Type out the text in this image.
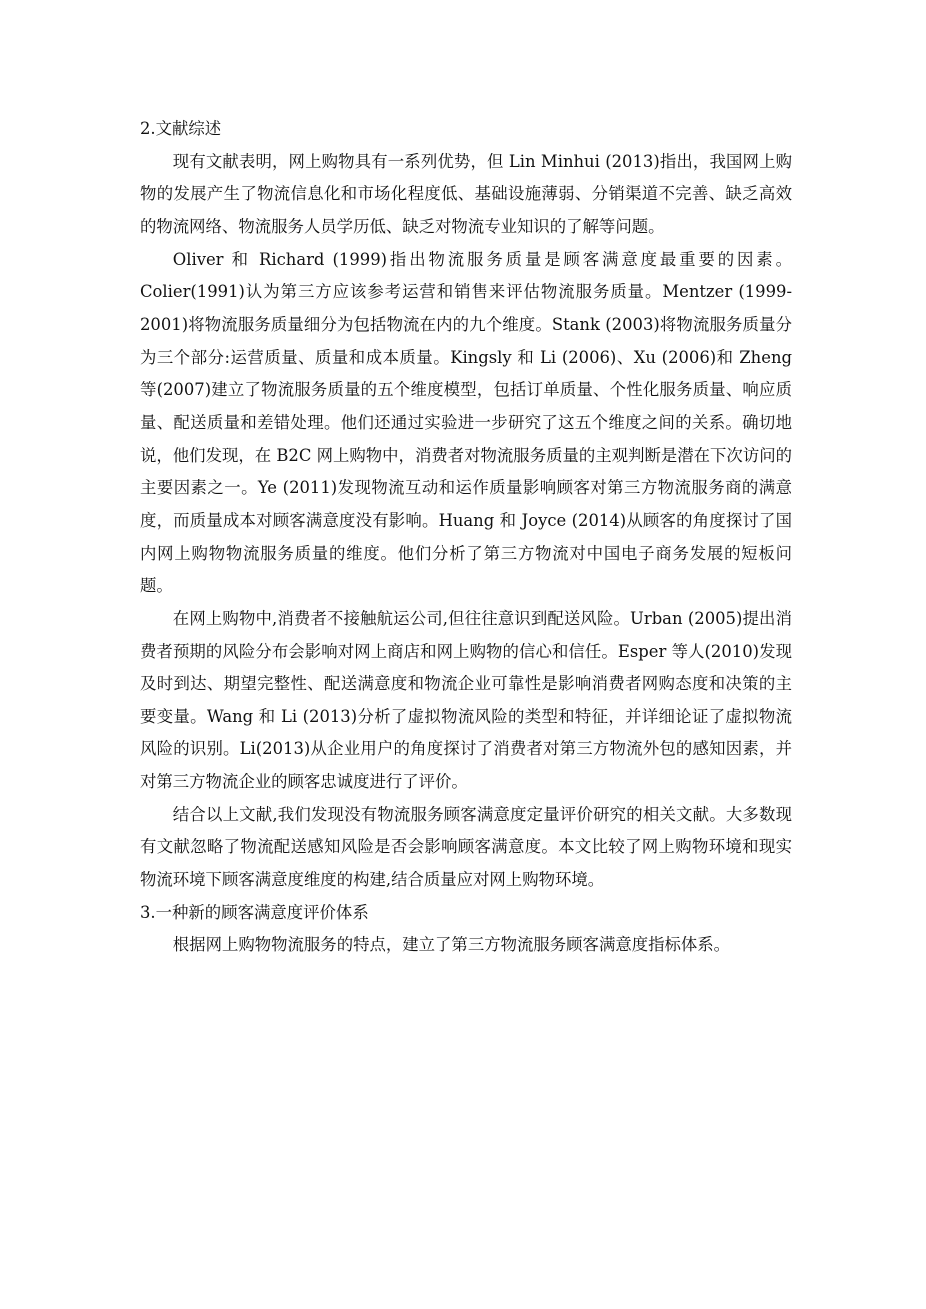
2.文献综述

现有文献表明，网上购物具有一系列优势，但 Lin Minhui (2013)指出，我国网上购物的发展产生了物流信息化和市场化程度低、基础设施薄弱、分销渠道不完善、缺乏高效的物流网络、物流服务人员学历低、缺乏对物流专业知识的了解等问题。

Oliver 和 Richard (1999)指出物流服务质量是顾客满意度最重要的因素。Colier(1991)认为第三方应该参考运营和销售来评估物流服务质量。Mentzer (1999-2001)将物流服务质量细分为包括物流在内的九个维度。Stank (2003)将物流服务质量分为三个部分:运营质量、质量和成本质量。Kingsly 和 Li (2006)、Xu (2006)和 Zheng 等(2007)建立了物流服务质量的五个维度模型，包括订单质量、个性化服务质量、响应质量、配送质量和差错处理。他们还通过实验进一步研究了这五个维度之间的关系。确切地说，他们发现，在 B2C 网上购物中，消费者对物流服务质量的主观判断是潜在下次访问的主要因素之一。Ye (2011)发现物流互动和运作质量影响顾客对第三方物流服务商的满意度，而质量成本对顾客满意度没有影响。Huang 和 Joyce (2014)从顾客的角度探讨了国内网上购物物流服务质量的维度。他们分析了第三方物流对中国电子商务发展的短板问题。

在网上购物中,消费者不接触航运公司,但往往意识到配送风险。Urban (2005)提出消费者预期的风险分布会影响对网上商店和网上购物的信心和信任。Esper 等人(2010)发现及时到达、期望完整性、配送满意度和物流企业可靠性是影响消费者网购态度和决策的主要变量。Wang 和 Li (2013)分析了虚拟物流风险的类型和特征，并详细论证了虚拟物流风险的识别。Li(2013)从企业用户的角度探讨了消费者对第三方物流外包的感知因素，并对第三方物流企业的顾客忠诚度进行了评价。

结合以上文献,我们发现没有物流服务顾客满意度定量评价研究的相关文献。大多数现有文献忽略了物流配送感知风险是否会影响顾客满意度。本文比较了网上购物环境和现实物流环境下顾客满意度维度的构建,结合质量应对网上购物环境。

3.一种新的顾客满意度评价体系

根据网上购物物流服务的特点，建立了第三方物流服务顾客满意度指标体系。
